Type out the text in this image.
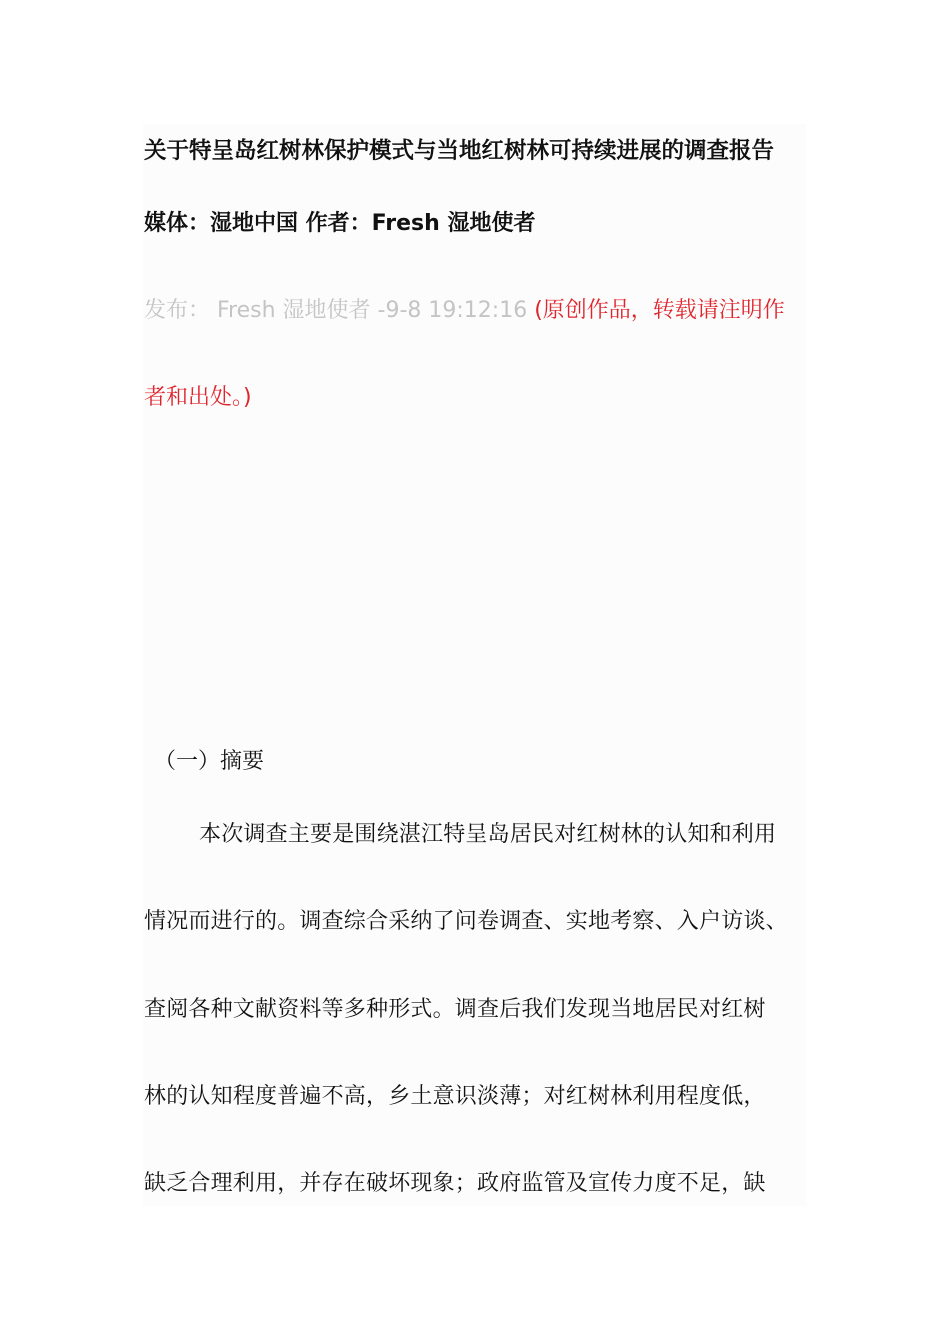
关于特呈岛红树林保护模式与当地红树林可持续进展的调查报告
媒体：湿地中国 作者：Fresh 湿地使者
发布： Fresh 湿地使者 -9-8 19:12:16 (原创作品，转载请注明作
者和出处。)
（一）摘要
本次调查主要是围绕湛江特呈岛居民对红树林的认知和利用
情况而进行的。调查综合采纳了问卷调查、实地考察、入户访谈、
查阅各种文献资料等多种形式。调查后我们发现当地居民对红树
林的认知程度普遍不高，乡土意识淡薄；对红树林利用程度低，
缺乏合理利用，并存在破坏现象；政府监管及宣传力度不足，缺
